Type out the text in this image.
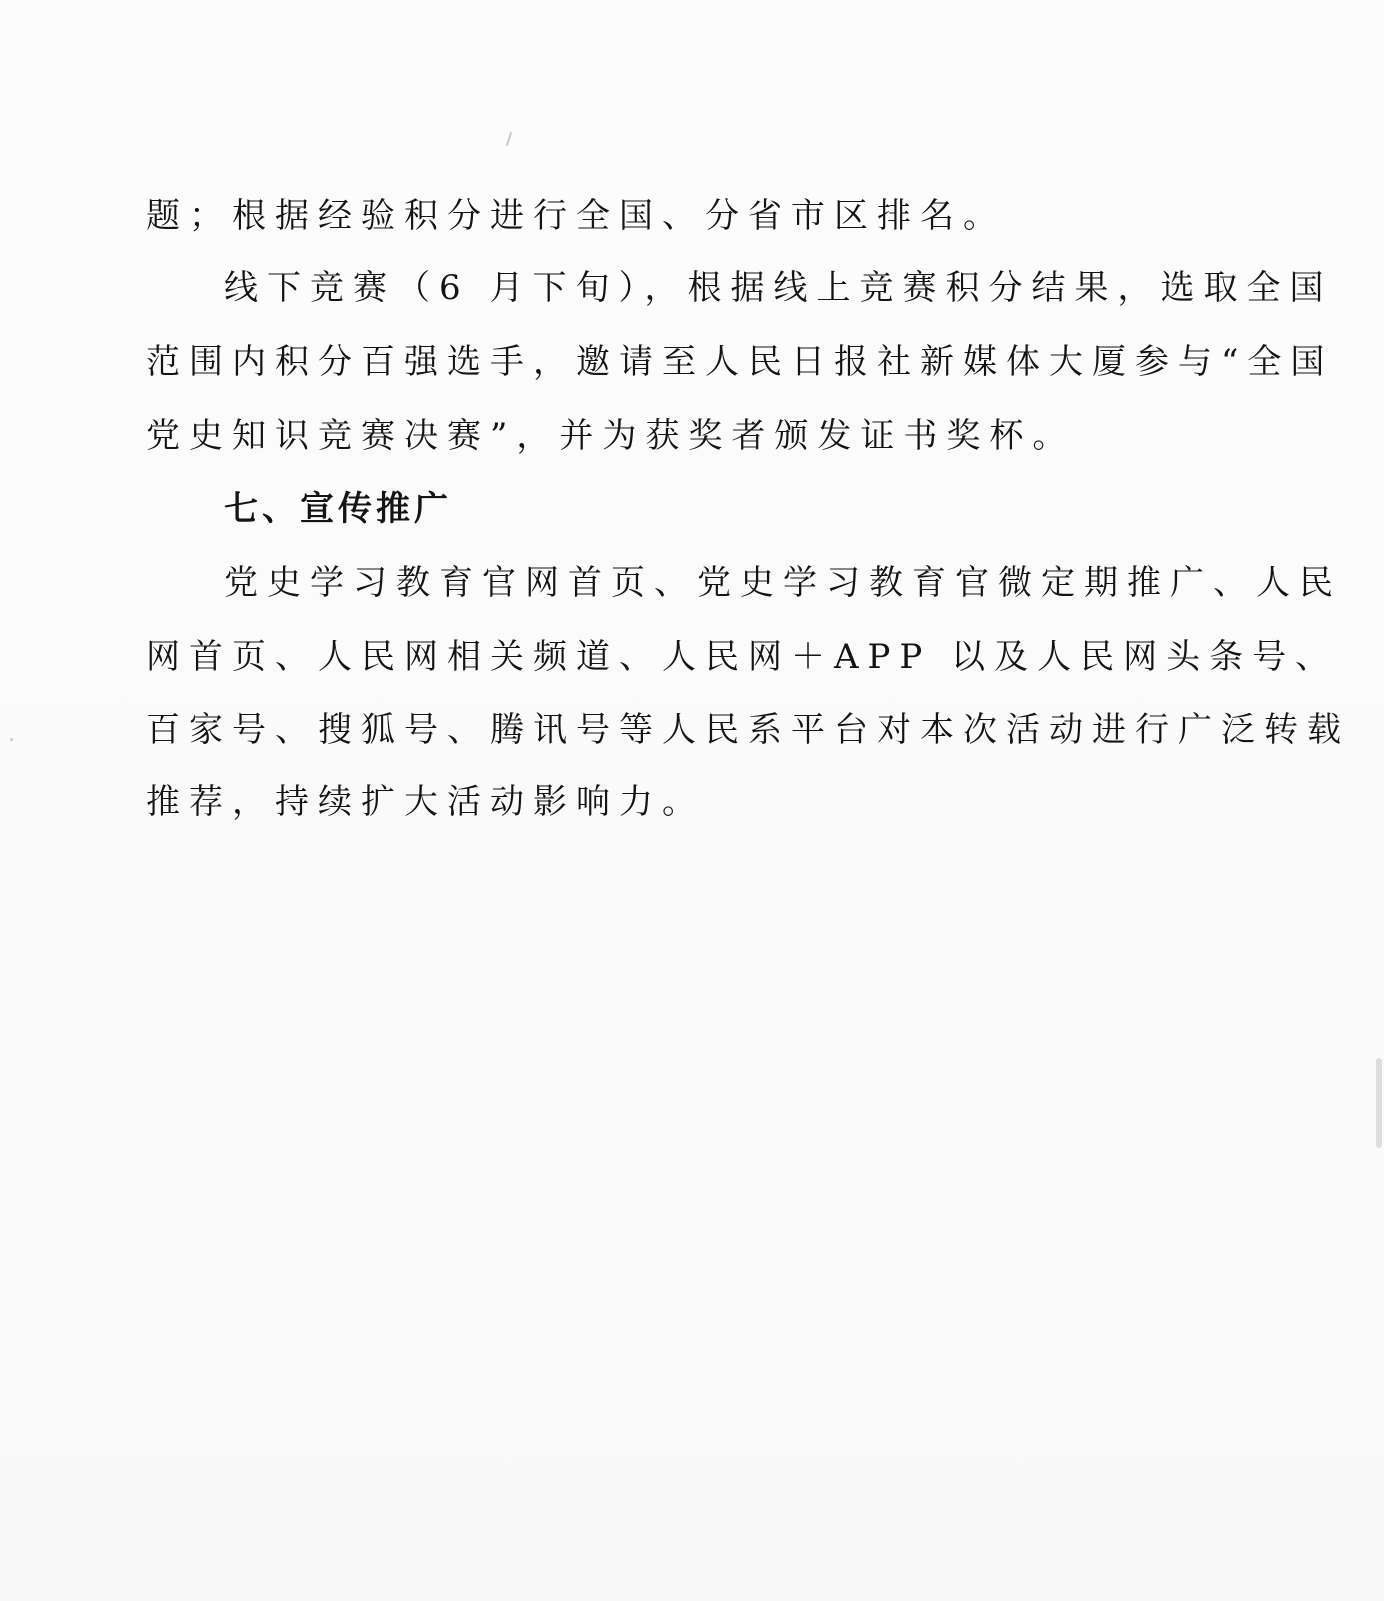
题；根据经验积分进行全国、分省市区排名。
线下竞赛（6 月下旬），根据线上竞赛积分结果，选取全国
范围内积分百强选手，邀请至人民日报社新媒体大厦参与“全国
党史知识竞赛决赛”，并为获奖者颁发证书奖杯。
七、宣传推广
党史学习教育官网首页、党史学习教育官微定期推广、人民
网首页、人民网相关频道、人民网＋APP 以及人民网头条号、
百家号、搜狐号、腾讯号等人民系平台对本次活动进行广泛转载
推荐，持续扩大活动影响力。
